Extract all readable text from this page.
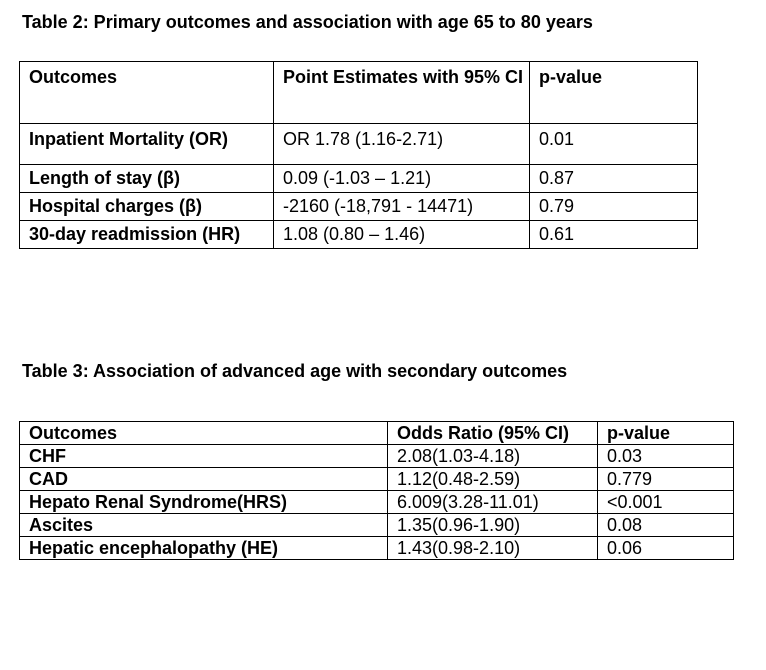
Table 2: Primary outcomes and association with age 65 to 80 years
Outcomes	Point Estimates with 95% CI	p-value
Inpatient Mortality (OR)	OR 1.78 (1.16-2.71)	0.01
Length of stay (β)	0.09 (-1.03 – 1.21)	0.87
Hospital charges (β)	-2160 (-18,791 - 14471)	0.79
30-day readmission (HR)	1.08 (0.80 – 1.46)	0.61
Table 3: Association of advanced age with secondary outcomes
Outcomes	Odds Ratio (95% CI)	p-value
CHF	2.08(1.03-4.18)	0.03
CAD	1.12(0.48-2.59)	0.779
Hepato Renal Syndrome(HRS)	6.009(3.28-11.01)	<0.001
Ascites	1.35(0.96-1.90)	0.08
Hepatic encephalopathy (HE)	1.43(0.98-2.10)	0.06
